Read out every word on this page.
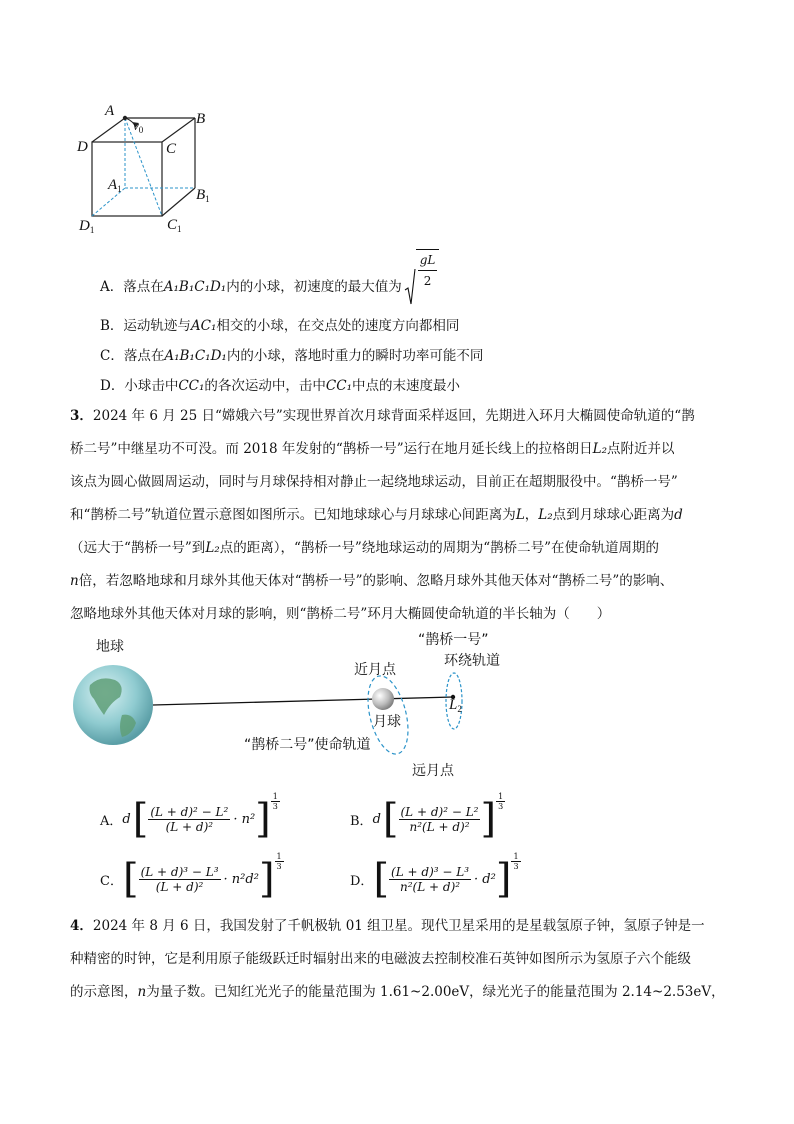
A
$v_0$
B
C
D
$A_1$	$B_1$
$C_1$
$D_1$
A．落点在 A₁B₁C₁D₁ 内的小球，初速度的最大值为 $\frac{gL}{2}$
B．运动轨迹与AC₁相交的小球，在交点处的速度方向都相同
C．落点在A₁B₁C₁D₁内的小球，落地时重力的瞬时功率可能不同
D．小球击中CC₁的各次运动中，击中CC₁中点的末速度最小

3．2024 年 6 月 25 日“嫦娥六号”实现世界首次月球背面采样返回，先期进入环月大椭圆使命轨道的“鹊

桥二号”中继星功不可没。而 2018 年发射的“鹊桥一号”运行在地月延长线上的拉格朗日L₂点附近并以

该点为圆心做圆周运动，同时与月球保持相对静止一起绕地球运动，目前正在超期服役中。“鹊桥一号”

和“鹊桥二号”轨道位置示意图如图所示。已知地球球心与月球球心间距离为L，L₂点到月球球心距离为d

（远大于“鹊桥一号”到L₂点的距离），“鹊桥一号”绕地球运动的周期为“鹊桥二号”在使命轨道周期的

n倍，若忽略地球和月球外其他天体对“鹊桥一号”的影响、忽略月球外其他天体对“鹊桥二号”的影响、

忽略地球外其他天体对月球的影响，则“鹊桥二号”环月大椭圆使命轨道的半长轴为（　　）

地球	“鹊桥一号”
环绕轨道
近月点
月球
$L_2$
“鹊桥二号”使命轨道
远月点
A． d [ $\frac{\text{(L + d)² − L²}}{\text{(L + d)²}} \cdot n^2$ ] $\frac{1}{3}$
B． d [ $\frac{\text{(L + d)² − L²}}{\text{n²(L + d)²}}$ ] $\frac{1}{3}$
C． [ $\frac{\text{(L + d)³ − L³}}{\text{(L + d)²}} \cdot n^2d^2$ ] $\frac{1}{3}$
D． [ $\frac{\text{(L + d)³ − L³}}{\text{n²(L + d)²}} \cdot d^2$ ] $\frac{1}{3}$

4．2024 年 8 月 6 日，我国发射了千帆极轨 01 组卫星。现代卫星采用的是星载氢原子钟，氢原子钟是一

种精密的时钟，它是利用原子能级跃迁时辐射出来的电磁波去控制校准石英钟如图所示为氢原子六个能级

的示意图，n为量子数。已知红光光子的能量范围为 1.61~2.00eV，绿光光子的能量范围为 2.14~2.53eV，
